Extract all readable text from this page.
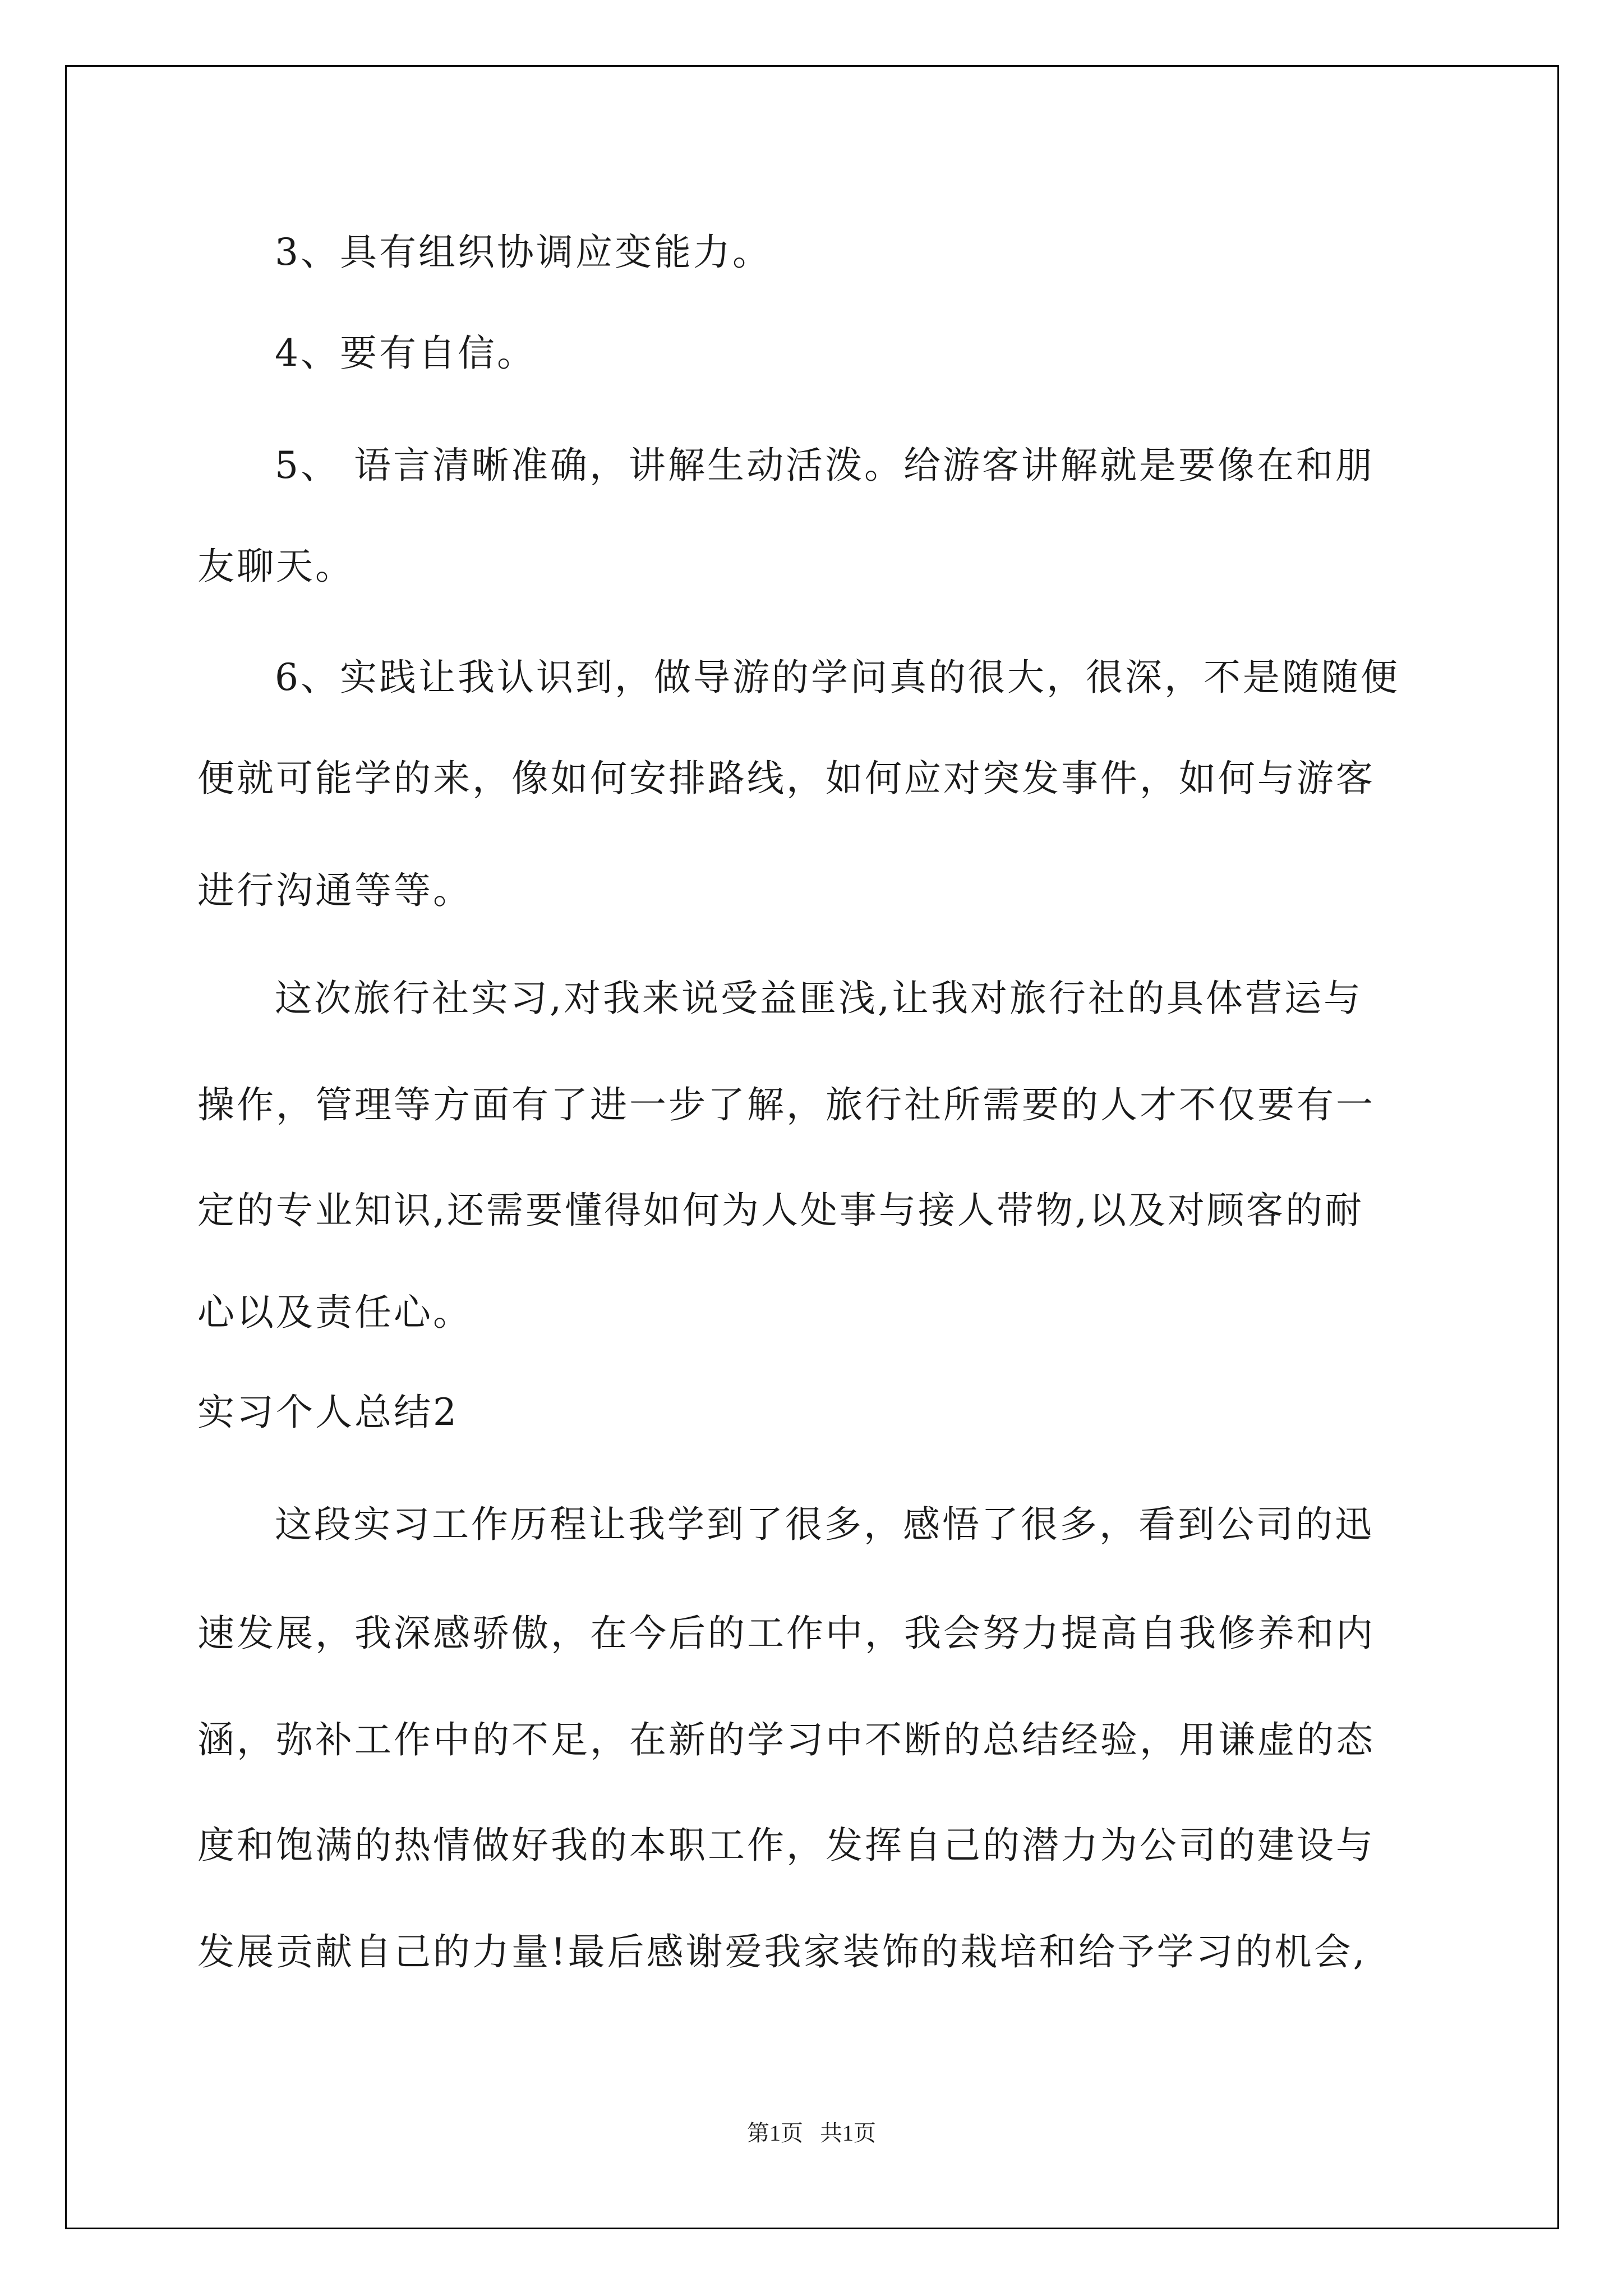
3、具有组织协调应变能力。
4、要有自信。
5、 语言清晰准确，讲解生动活泼。给游客讲解就是要像在和朋
友聊天。
6、实践让我认识到，做导游的学问真的很大，很深，不是随随便
便就可能学的来，像如何安排路线，如何应对突发事件，如何与游客
进行沟通等等。
这次旅行社实习,对我来说受益匪浅,让我对旅行社的具体营运与
操作，管理等方面有了进一步了解，旅行社所需要的人才不仅要有一
定的专业知识,还需要懂得如何为人处事与接人带物,以及对顾客的耐
心以及责任心。
实习个人总结2
这段实习工作历程让我学到了很多，感悟了很多，看到公司的迅
速发展，我深感骄傲，在今后的工作中，我会努力提高自我修养和内
涵，弥补工作中的不足，在新的学习中不断的总结经验，用谦虚的态
度和饱满的热情做好我的本职工作，发挥自己的潜力为公司的建设与
发展贡献自己的力量!最后感谢爱我家装饰的栽培和给予学习的机会,
第1页   共1页
